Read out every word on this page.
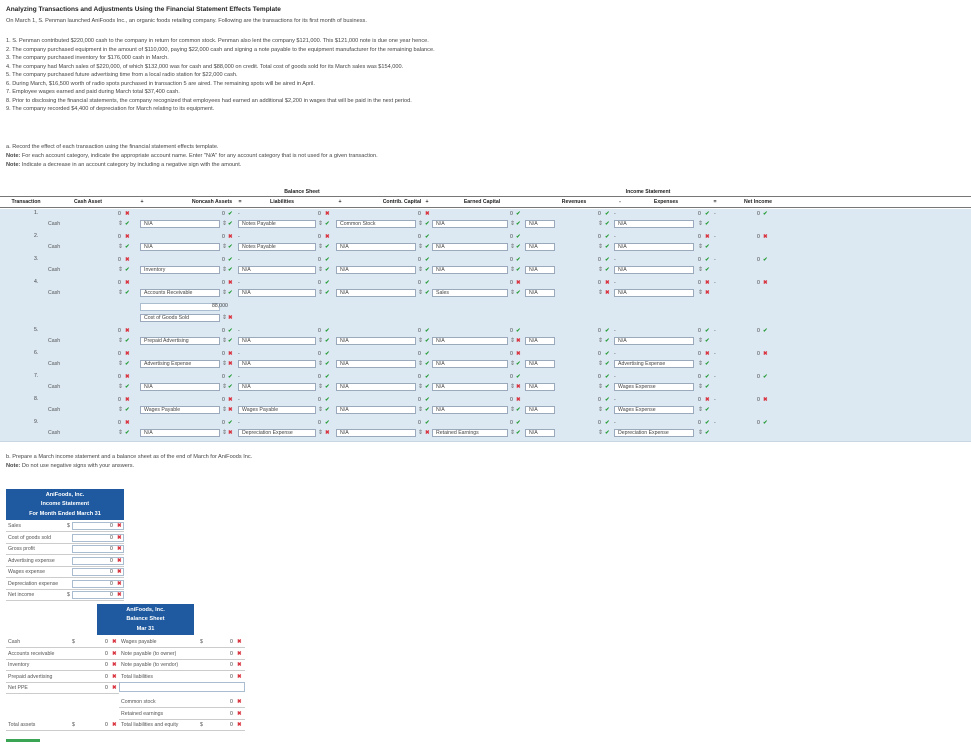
Analyzing Transactions and Adjustments Using the Financial Statement Effects Template
On March 1, S. Penman launched AniFoods Inc., an organic foods retailing company. Following are the transactions for its first month of business.
1. S. Penman contributed $220,000 cash to the company in return for common stock. Penman also lent the company $121,000. This $121,000 note is due one year hence.
2. The company purchased equipment in the amount of $110,000, paying $22,000 cash and signing a note payable to the equipment manufacturer for the remaining balance.
3. The company purchased inventory for $176,000 cash in March.
4. The company had March sales of $220,000, of which $132,000 was for cash and $88,000 on credit. Total cost of goods sold for its March sales was $154,000.
5. The company purchased future advertising time from a local radio station for $22,000 cash.
6. During March, $16,500 worth of radio spots purchased in transaction 5 are aired. The remaining spots will be aired in April.
7. Employee wages earned and paid during March total $37,400 cash.
8. Prior to disclosing the financial statements, the company recognized that employees had earned an additional $2,200 in wages that will be paid in the next period.
9. The company recorded $4,400 of depreciation for March relating to its equipment.
a. Record the effect of each transaction using the financial statement effects template.
Note: For each account category, indicate the appropriate account name. Enter "N/A" for any account category that is not used for a given transaction.
Note: Indicate a decrease in an account category by including a negative sign with the amount.
Balance Sheet	Income Statement
Transaction	Cash Asset	+	Noncash Assets	=	Liabilities	+	Contrib. Capital +	Earned Capital	Revenues	-	Expenses	=	Net Income
1.	0 ✖	0 ✔ -	0 ✖	0 ✖	0 ✔	0 ✔ -	0 ✔ -	0 ✔
Cash	⇕ ✔	N/A	⇕ ✔	Notes Payable	⇕ ✔	Common Stock	⇕ ✔	N/A	⇕ ✔	N/A	⇕ ✔	N/A	⇕ ✔
2.	0 ✖	0 ✖ -	0 ✖	0 ✔	0 ✔	0 ✔ -	0 ✖ -	0 ✖
Cash	⇕ ✔	N/A	⇕ ✔	Notes Payable	⇕ ✔	N/A	⇕ ✔	N/A	⇕ ✔	N/A	⇕ ✔	N/A	⇕ ✔
3.	0 ✖	0 ✔ -	0 ✔	0 ✔	0 ✔	0 ✔ -	0 ✔ -	0 ✔
Cash	⇕ ✔	Inventory	⇕ ✔	N/A	⇕ ✔	N/A	⇕ ✔	N/A	⇕ ✔	N/A	⇕ ✔	N/A	⇕ ✔
4.	0 ✖	0 ✖ -	0 ✔	0 ✔	0 ✖	0 ✖ -	0 ✖ -	0 ✖
Cash	⇕ ✔	Accounts Receivable	⇕ ✔	N/A	⇕ ✔	N/A	⇕ ✔	Sales	⇕ ✔	N/A	⇕ ✖	N/A	⇕ ✖
88,000
Cost of Goods Sold	⇕ ✖
5.	0 ✖	0 ✔ -	0 ✔	0 ✔	0 ✔	0 ✔ -	0 ✔ -	0 ✔
Cash	⇕ ✔	Prepaid Advertising	⇕ ✔	N/A	⇕ ✔	N/A	⇕ ✔	N/A	⇕ ✖	N/A	⇕ ✔	N/A	⇕ ✔
6.	0 ✖	0 ✖ -	0 ✔	0 ✔	0 ✖	0 ✔ -	0 ✖ -	0 ✖
Cash	⇕ ✔	Advertising Expense	⇕ ✖	N/A	⇕ ✔	N/A	⇕ ✔	N/A	⇕ ✔	N/A	⇕ ✔	Advertising Expense	⇕ ✔
7.	0 ✖	0 ✔ -	0 ✔	0 ✔	0 ✔	0 ✔ -	0 ✔ -	0 ✔
Cash	⇕ ✔	N/A	⇕ ✔	N/A	⇕ ✔	N/A	⇕ ✔	N/A	⇕ ✖	N/A	⇕ ✔	Wages Expense	⇕ ✔
8.	0 ✖	0 ✖ -	0 ✔	0 ✔	0 ✖	0 ✔ -	0 ✖ -	0 ✖
Cash	⇕ ✔	Wages Payable	⇕ ✖	Wages Payable	⇕ ✔	N/A	⇕ ✔	N/A	⇕ ✔	N/A	⇕ ✔	Wages Expense	⇕ ✔
9.	0 ✖	0 ✔ -	0 ✔	0 ✔	0 ✔	0 ✔ -	0 ✔ -	0 ✔
Cash	⇕ ✔	N/A	⇕ ✖	Depreciation Expense	⇕ ✖	N/A	⇕ ✖	Retained Earnings	⇕ ✔	N/A	⇕ ✔	Depreciation Expense	⇕ ✔
b. Prepare a March income statement and a balance sheet as of the end of March for AniFoods Inc.
Note: Do not use negative signs with your answers.
AniFoods, Inc.
Income Statement
For Month Ended March 31
Sales	$	0 ✖
Cost of goods sold	0 ✖
Gross profit	0 ✖
Advertising expense	0 ✖
Wages expense	0 ✖
Depreciation expense	0 ✖
Net income	$	0 ✖
AniFoods, Inc.
Balance Sheet
Mar 31
Cash	$	0 ✖
Accounts receivable	0 ✖
Inventory	0 ✖
Prepaid advertising	0 ✖
Net PPE	0 ✖
Wages payable	$	0 ✖
Note payable (to owner)	0 ✖
Note payable (to vendor)	0 ✖
Total liabilities	0 ✖
Common stock	0 ✖
Retained earnings	0 ✖
Total liabilities and equity	$	0 ✖
Total assets	$	0 ✖
